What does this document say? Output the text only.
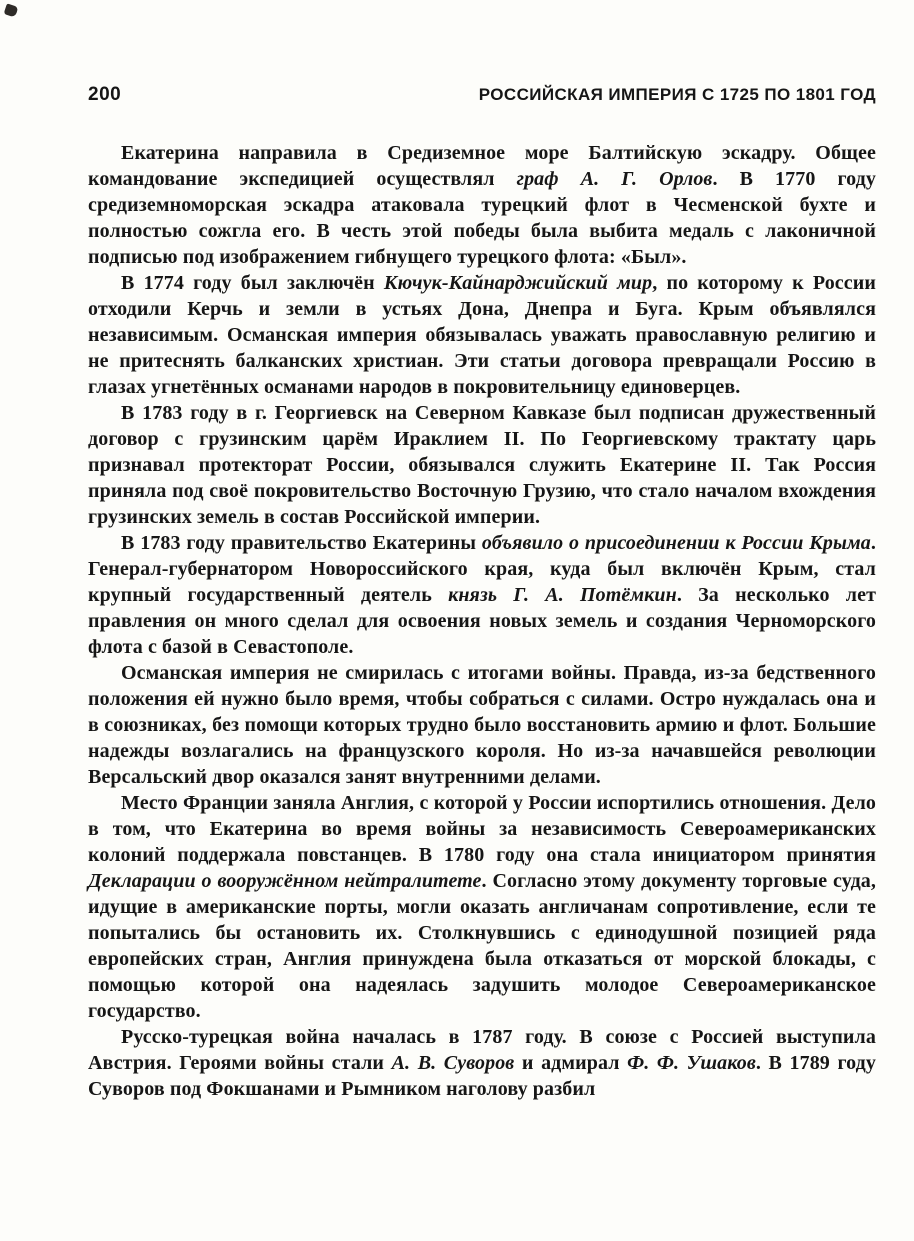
200	РОССИЙСКАЯ ИМПЕРИЯ С 1725 ПО 1801 ГОД

Екатерина направила в Средиземное море Балтийскую эскадру. Общее командование экспедицией осуществлял граф А. Г. Орлов. В 1770 году средиземноморская эскадра атаковала турецкий флот в Чесменской бухте и полностью сожгла его. В честь этой победы была выбита медаль с лаконичной подписью под изображением гибнущего турецкого флота: «Был».

В 1774 году был заключён Кючук-Кайнарджийский мир, по которому к России отходили Керчь и земли в устьях Дона, Днепра и Буга. Крым объявлялся независимым. Османская империя обязывалась уважать православную религию и не притеснять балканских христиан. Эти статьи договора превращали Россию в глазах угнетённых османами народов в покровительницу единоверцев.

В 1783 году в г. Георгиевск на Северном Кавказе был подписан дружественный договор с грузинским царём Ираклием II. По Георгиевскому трактату царь признавал протекторат России, обязывался служить Екатерине II. Так Россия приняла под своё покровительство Восточную Грузию, что стало началом вхождения грузинских земель в состав Российской империи.

В 1783 году правительство Екатерины объявило о присоединении к России Крыма. Генерал-губернатором Новороссийского края, куда был включён Крым, стал крупный государственный деятель князь Г. А. Потёмкин. За несколько лет правления он много сделал для освоения новых земель и создания Черноморского флота с базой в Севастополе.

Османская империя не смирилась с итогами войны. Правда, из-за бедственного положения ей нужно было время, чтобы собраться с силами. Остро нуждалась она и в союзниках, без помощи которых трудно было восстановить армию и флот. Большие надежды возлагались на французского короля. Но из-за начавшейся революции Версальский двор оказался занят внутренними делами.

Место Франции заняла Англия, с которой у России испортились отношения. Дело в том, что Екатерина во время войны за независимость Североамериканских колоний поддержала повстанцев. В 1780 году она стала инициатором принятия Декларации о вооружённом нейтралитете. Согласно этому документу торговые суда, идущие в американские порты, могли оказать англичанам сопротивление, если те попытались бы остановить их. Столкнувшись с единодушной позицией ряда европейских стран, Англия принуждена была отказаться от морской блокады, с помощью которой она надеялась задушить молодое Североамериканское государство.

Русско-турецкая война началась в 1787 году. В союзе с Россией выступила Австрия. Героями войны стали А. В. Суворов и адмирал Ф. Ф. Ушаков. В 1789 году Суворов под Фокшанами и Рымником наголову разбил
